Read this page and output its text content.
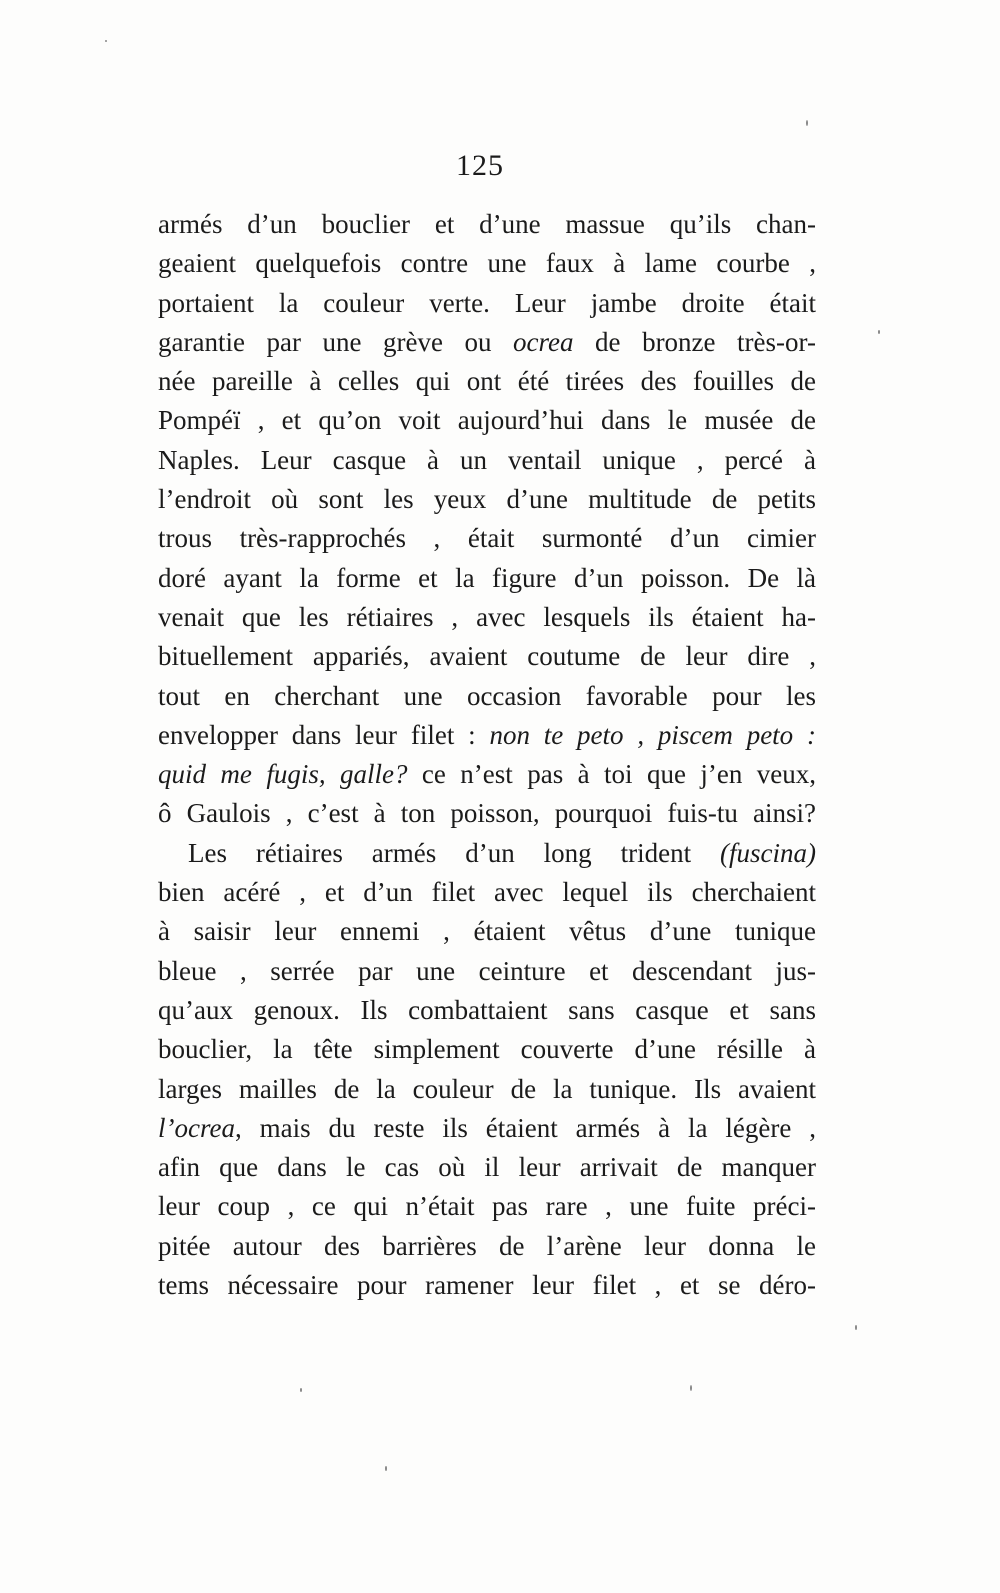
125
armés d’un bouclier et d’une massue qu’ils chan-
geaient quelquefois contre une faux à lame courbe ,
portaient la couleur verte. Leur jambe droite était
garantie par une grève ou ocrea de bronze très-or-
née pareille à celles qui ont été tirées des fouilles de
Pompéï , et qu’on voit aujourd’hui dans le musée de
Naples. Leur casque à un ventail unique , percé à
l’endroit où sont les yeux d’une multitude de petits
trous très-rapprochés , était surmonté d’un cimier
doré ayant la forme et la figure d’un poisson. De là
venait que les rétiaires , avec lesquels ils étaient ha-
bituellement appariés, avaient coutume de leur dire ,
tout en cherchant une occasion favorable pour les
envelopper dans leur filet : non te peto , piscem peto :
quid me fugis, galle? ce n’est pas à toi que j’en veux,
ô Gaulois , c’est à ton poisson, pourquoi fuis-tu ainsi?
Les rétiaires armés d’un long trident (fuscina)
bien acéré , et d’un filet avec lequel ils cherchaient
à saisir leur ennemi , étaient vêtus d’une tunique
bleue , serrée par une ceinture et descendant jus-
qu’aux genoux. Ils combattaient sans casque et sans
bouclier, la tête simplement couverte d’une résille à
larges mailles de la couleur de la tunique. Ils avaient
l’ocrea, mais du reste ils étaient armés à la légère ,
afin que dans le cas où il leur arrivait de manquer
leur coup , ce qui n’était pas rare , une fuite préci-
pitée autour des barrières de l’arène leur donna le
tems nécessaire pour ramener leur filet , et se déro-
